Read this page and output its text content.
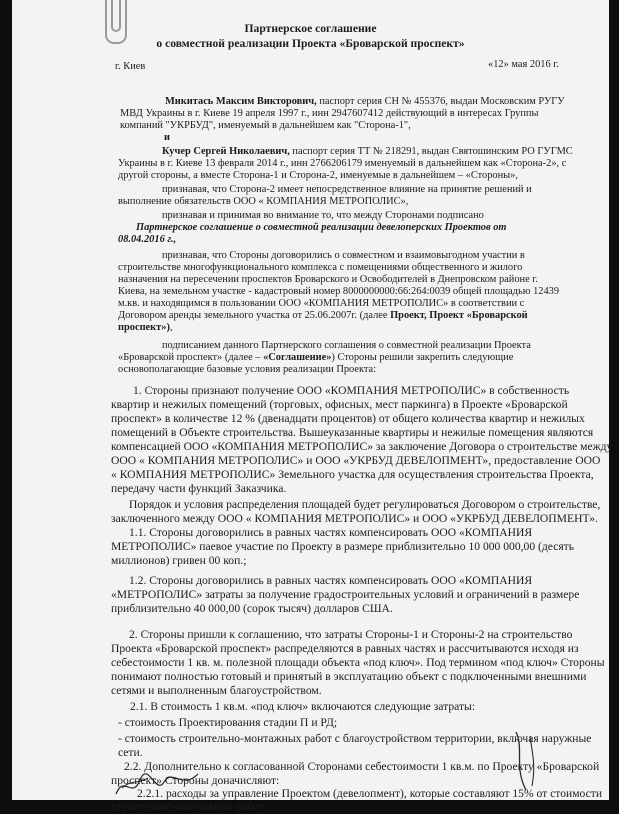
Партнерское соглашение
о совместной реализации Проекта «Броварской проспект»
г. Киев	«12» мая 2016 г.
Микитась Максим Викторович, паспорт серия СН № 455376, выдан Московским РУГУ
МВД Украины в г. Киеве 19 апреля 1997 г., инн 2947607412 действующий в интересах Группы
компаний "УКРБУД", именуемый в дальнейшем как "Сторона-1",
и
Кучер Сергей Николаевич, паспорт серия ТТ № 218291, выдан Святошинским РО ГУГМС
Украины в г. Киеве 13 февраля 2014 г., инн 2766206179 именуемый в дальнейшем как «Сторона-2», с
другой стороны, а вместе Сторона-1 и Сторона-2, именуемые в дальнейшем – «Стороны»,
признавая, что Сторона-2 имеет непосредственное влияние на принятие решений и
выполнение обязательств ООО « КОМПАНИЯ МЕТРОПОЛИС»,
признавая и принимая во внимание то, что между Сторонами подписано
Партнерское соглашение о совместной реализации девелоперских Проектов от
08.04.2016 г.,
признавая, что Стороны договорились о совместном и взаимовыгодном участии в
строительстве многофункционального комплекса с помещениями общественного и жилого
назначения на пересечении проспектов Броварского и Освободителей в Днепровском районе г.
Киева, на земельном участке - кадастровый номер 8000000000:66:264:0039 общей площадью 12439
м.кв. и находящимся в пользовании ООО «КОМПАНИЯ МЕТРОПОЛИС» в соответствии с
Договором аренды земельного участка от 25.06.2007г. (далее Проект, Проект «Броварской
проспект»),
подписанием данного Партнерского соглашения о совместной реализации Проекта
«Броварской проспект» (далее – «Соглашение») Стороны решили закрепить следующие
основополагающие базовые условия реализации Проекта:
1. Стороны признают получение ООО «КОМПАНИЯ МЕТРОПОЛИС» в собственность
квартир и нежилых помещений (торговых, офисных, мест паркинга) в Проекте «Броварской
проспект» в количестве 12 % (двенадцати процентов) от общего количества квартир и нежилых
помещений в Объекте строительства. Вышеуказанные квартиры и нежилые помещения являются
компенсацией ООО «КОМПАНИЯ МЕТРОПОЛИС» за заключение Договора о строительстве между
ООО « КОМПАНИЯ МЕТРОПОЛИС» и ООО «УКРБУД ДЕВЕЛОПМЕНТ», предоставление ООО
« КОМПАНИЯ МЕТРОПОЛИС» Земельного участка для осуществления строительства Проекта,
передачу части функций Заказчика.
Порядок и условия распределения площадей будет регулироваться Договором о строительстве,
заключенного между ООО « КОМПАНИЯ МЕТРОПОЛИС» и ООО «УКРБУД ДЕВЕЛОПМЕНТ».
1.1. Стороны договорились в равных частях компенсировать ООО «КОМПАНИЯ
МЕТРОПОЛИС» паевое участие по Проекту в размере приблизительно 10 000 000,00 (десять
миллионов) гривен 00 коп.;
1.2. Стороны договорились в равных частях компенсировать ООО «КОМПАНИЯ
«МЕТРОПОЛИС» затраты за получение градостроительных условий и ограничений в размере
приблизительно 40 000,00 (сорок тысяч) долларов США.
2. Стороны пришли к соглашению, что затраты Стороны-1 и Стороны-2 на строительство
Проекта «Броварской проспект» распределяются в равных частях и рассчитываются исходя из
себестоимости 1 кв. м. полезной площади объекта «под ключ». Под термином «под ключ» Стороны
понимают полностью готовый и принятый в эксплуатацию объект с подключенными внешними
сетями и выполненным благоустройством.
2.1. В стоимость 1 кв.м. «под ключ» включаются следующие затраты:
- стоимость Проектирования стадии П и РД;
- стоимость строительно-монтажных работ с благоустройством территории, включая наружные
сети.
2.2. Дополнительно к согласованной Сторонами себестоимости 1 кв.м. по Проекту «Броварской
проспект» Стороны доначисляют:
2.2.1. расходы за управление Проектом (девелопмент), которые составляют 15% от стоимости
строительно-монтажных работ;
